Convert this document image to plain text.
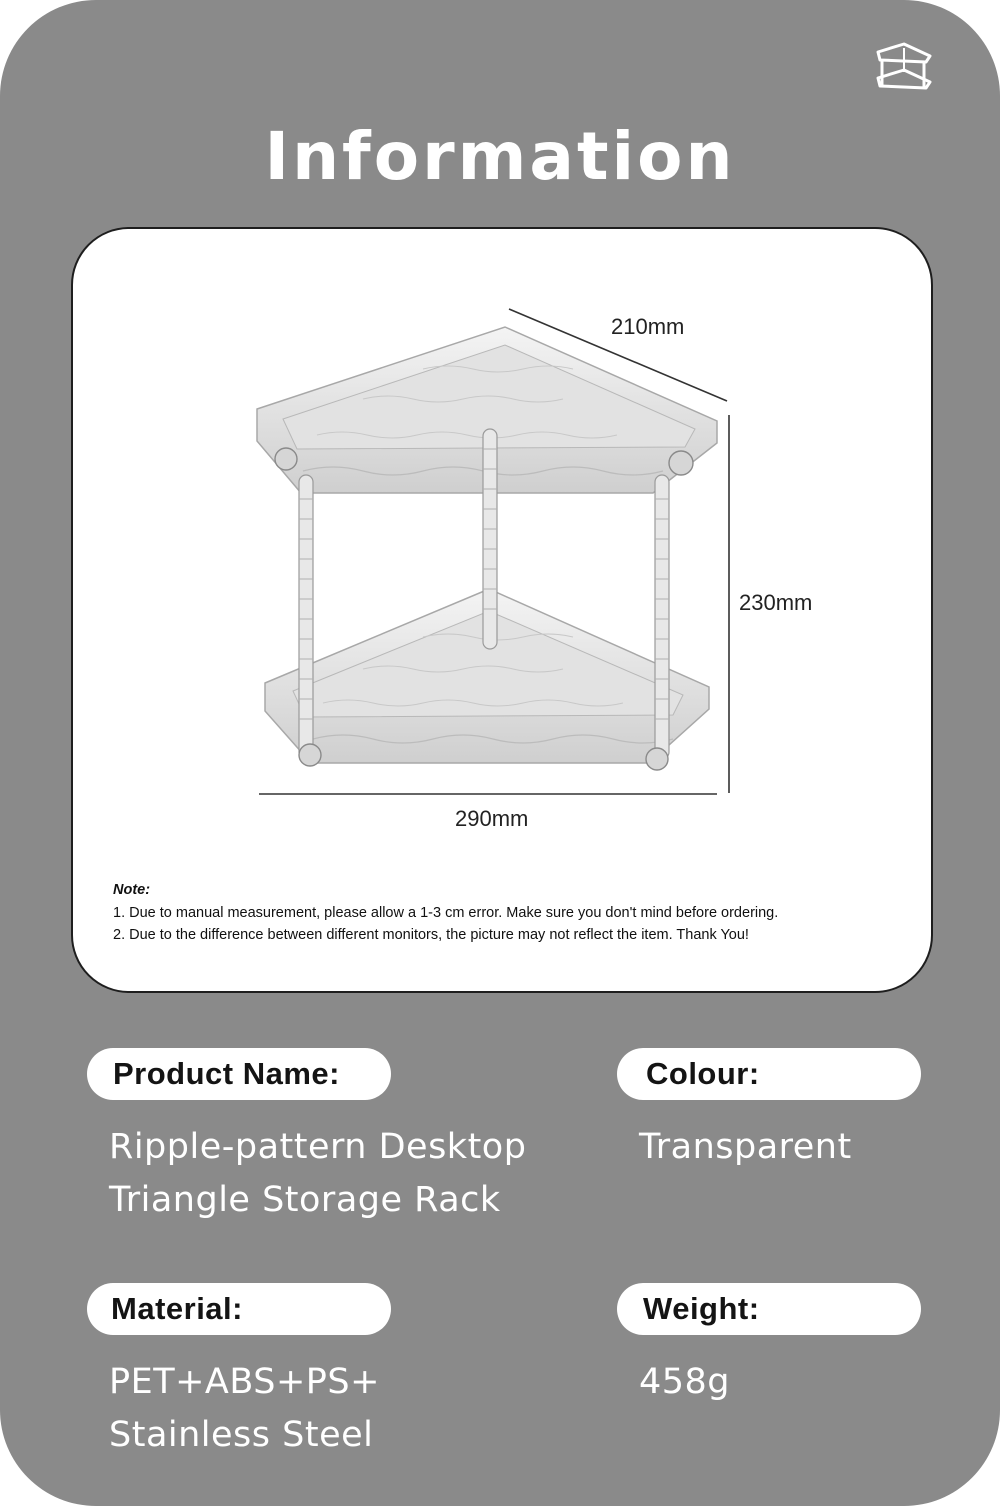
Information
210mm
230mm
290mm
Note:
1. Due to manual measurement, please allow a 1-3 cm error. Make sure you don't mind before ordering.
2. Due to the difference between different monitors, the picture may not reflect the item. Thank You!
Product Name:
Ripple-pattern Desktop
Triangle Storage Rack
Colour:
Transparent
Material:
PET+ABS+PS+
Stainless Steel
Weight:
458g
